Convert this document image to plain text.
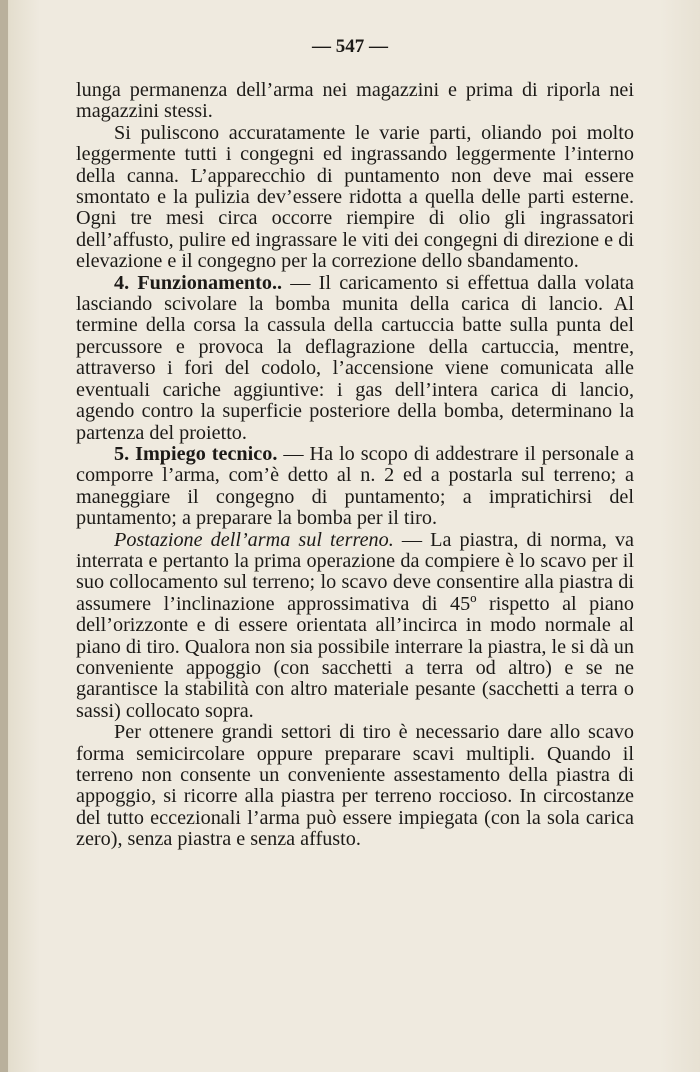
— 547 —

lunga permanenza dell’arma nei magazzini e prima di riporla nei magazzini stessi.

Si puliscono accuratamente le varie parti, oliando poi molto leggermente tutti i congegni ed ingrassando leggermente l’interno della canna. L’apparecchio di puntamento non deve mai essere smontato e la pulizia dev’essere ridotta a quella delle parti esterne. Ogni tre mesi circa occorre riempire di olio gli ingrassatori dell’affusto, pulire ed ingrassare le viti dei congegni di direzione e di elevazione e il congegno per la correzione dello sbandamento.

4. Funzionamento.. — Il caricamento si effettua dalla volata lasciando scivolare la bomba munita della carica di lancio. Al termine della corsa la cassula della cartuccia batte sulla punta del percussore e provoca la deflagrazione della cartuccia, mentre, attraverso i fori del codolo, l’accensione viene comunicata alle eventuali cariche aggiuntive: i gas dell’intera carica di lancio, agendo contro la superficie posteriore della bomba, determinano la partenza del proietto.

5. Impiego tecnico. — Ha lo scopo di addestrare il personale a comporre l’arma, com’è detto al n. 2 ed a postarla sul terreno; a maneggiare il congegno di puntamento; a impratichirsi del puntamento; a preparare la bomba per il tiro.

Postazione dell’arma sul terreno. — La piastra, di norma, va interrata e pertanto la prima operazione da compiere è lo scavo per il suo collocamento sul terreno; lo scavo deve consentire alla piastra di assumere l’inclinazione approssimativa di 45º rispetto al piano dell’orizzonte e di essere orientata all’incirca in modo normale al piano di tiro. Qualora non sia possibile interrare la piastra, le si dà un conveniente appoggio (con sacchetti a terra od altro) e se ne garantisce la stabilità con altro materiale pesante (sacchetti a terra o sassi) collocato sopra.

Per ottenere grandi settori di tiro è necessario dare allo scavo forma semicircolare oppure preparare scavi multipli. Quando il terreno non consente un conveniente assestamento della piastra di appoggio, si ricorre alla piastra per terreno roccioso. In circostanze del tutto eccezionali l’arma può essere impiegata (con la sola carica zero), senza piastra e senza affusto.
